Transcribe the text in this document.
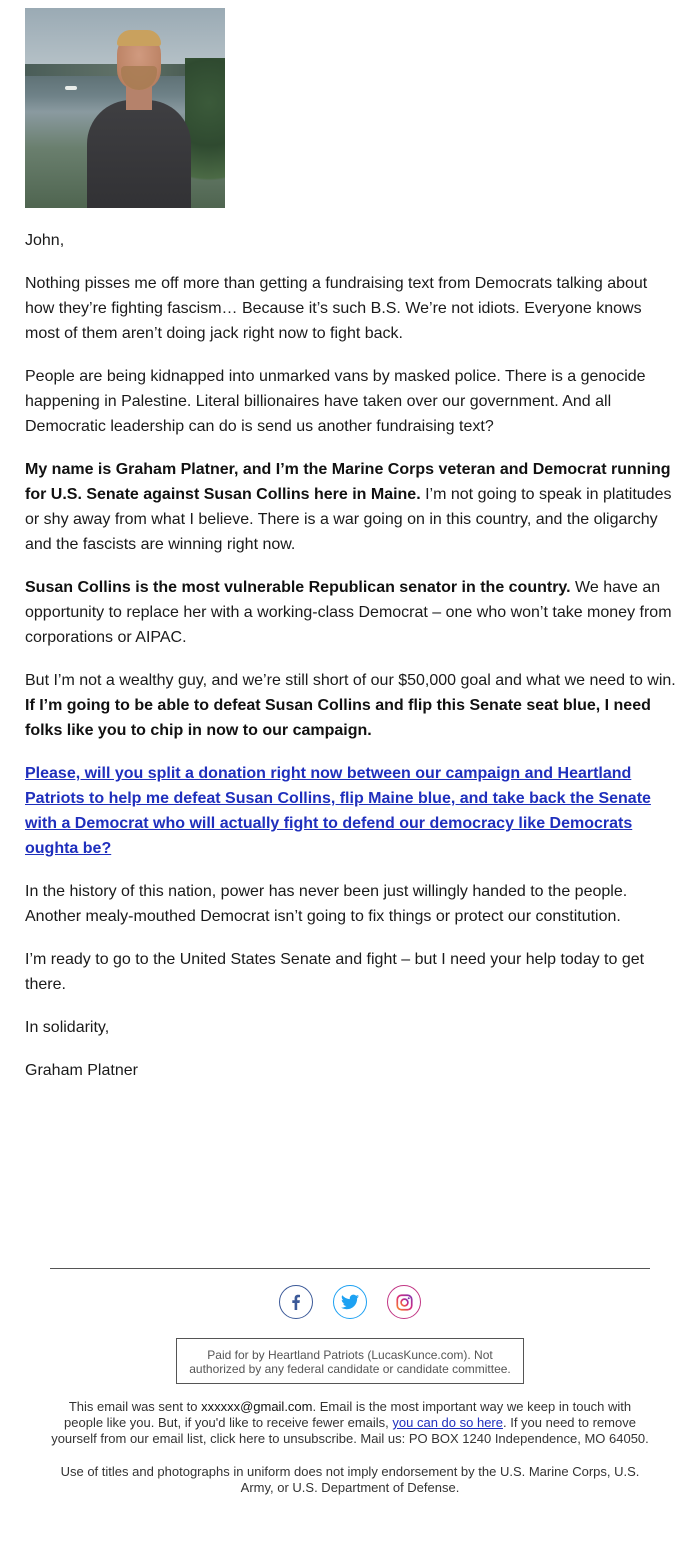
John,

Nothing pisses me off more than getting a fundraising text from Democrats talking about how they’re fighting fascism… Because it’s such B.S. We’re not idiots. Everyone knows most of them aren’t doing jack right now to fight back.

People are being kidnapped into unmarked vans by masked police. There is a genocide happening in Palestine. Literal billionaires have taken over our government. And all Democratic leadership can do is send us another fundraising text?

My name is Graham Platner, and I’m the Marine Corps veteran and Democrat running for U.S. Senate against Susan Collins here in Maine. I’m not going to speak in platitudes or shy away from what I believe. There is a war going on in this country, and the oligarchy and the fascists are winning right now.

Susan Collins is the most vulnerable Republican senator in the country. We have an opportunity to replace her with a working-class Democrat – one who won’t take money from corporations or AIPAC.

But I’m not a wealthy guy, and we’re still short of our $50,000 goal and what we need to win. If I’m going to be able to defeat Susan Collins and flip this Senate seat blue, I need folks like you to chip in now to our campaign.

Please, will you split a donation right now between our campaign and Heartland Patriots to help me defeat Susan Collins, flip Maine blue, and take back the Senate with a Democrat who will actually fight to defend our democracy like Democrats oughta be?

In the history of this nation, power has never been just willingly handed to the people. Another mealy-mouthed Democrat isn’t going to fix things or protect our constitution.

I’m ready to go to the United States Senate and fight – but I need your help today to get there.

In solidarity,

Graham Platner

Paid for by Heartland Patriots (LucasKunce.com). Not authorized by any federal candidate or candidate committee.
This email was sent to xxxxxx@gmail.com. Email is the most important way we keep in touch with people like you. But, if you'd like to receive fewer emails, you can do so here. If you need to remove yourself from our email list, click here to unsubscribe. Mail us: PO BOX 1240 Independence, MO 64050.
Use of titles and photographs in uniform does not imply endorsement by the U.S. Marine Corps, U.S. Army, or U.S. Department of Defense.
